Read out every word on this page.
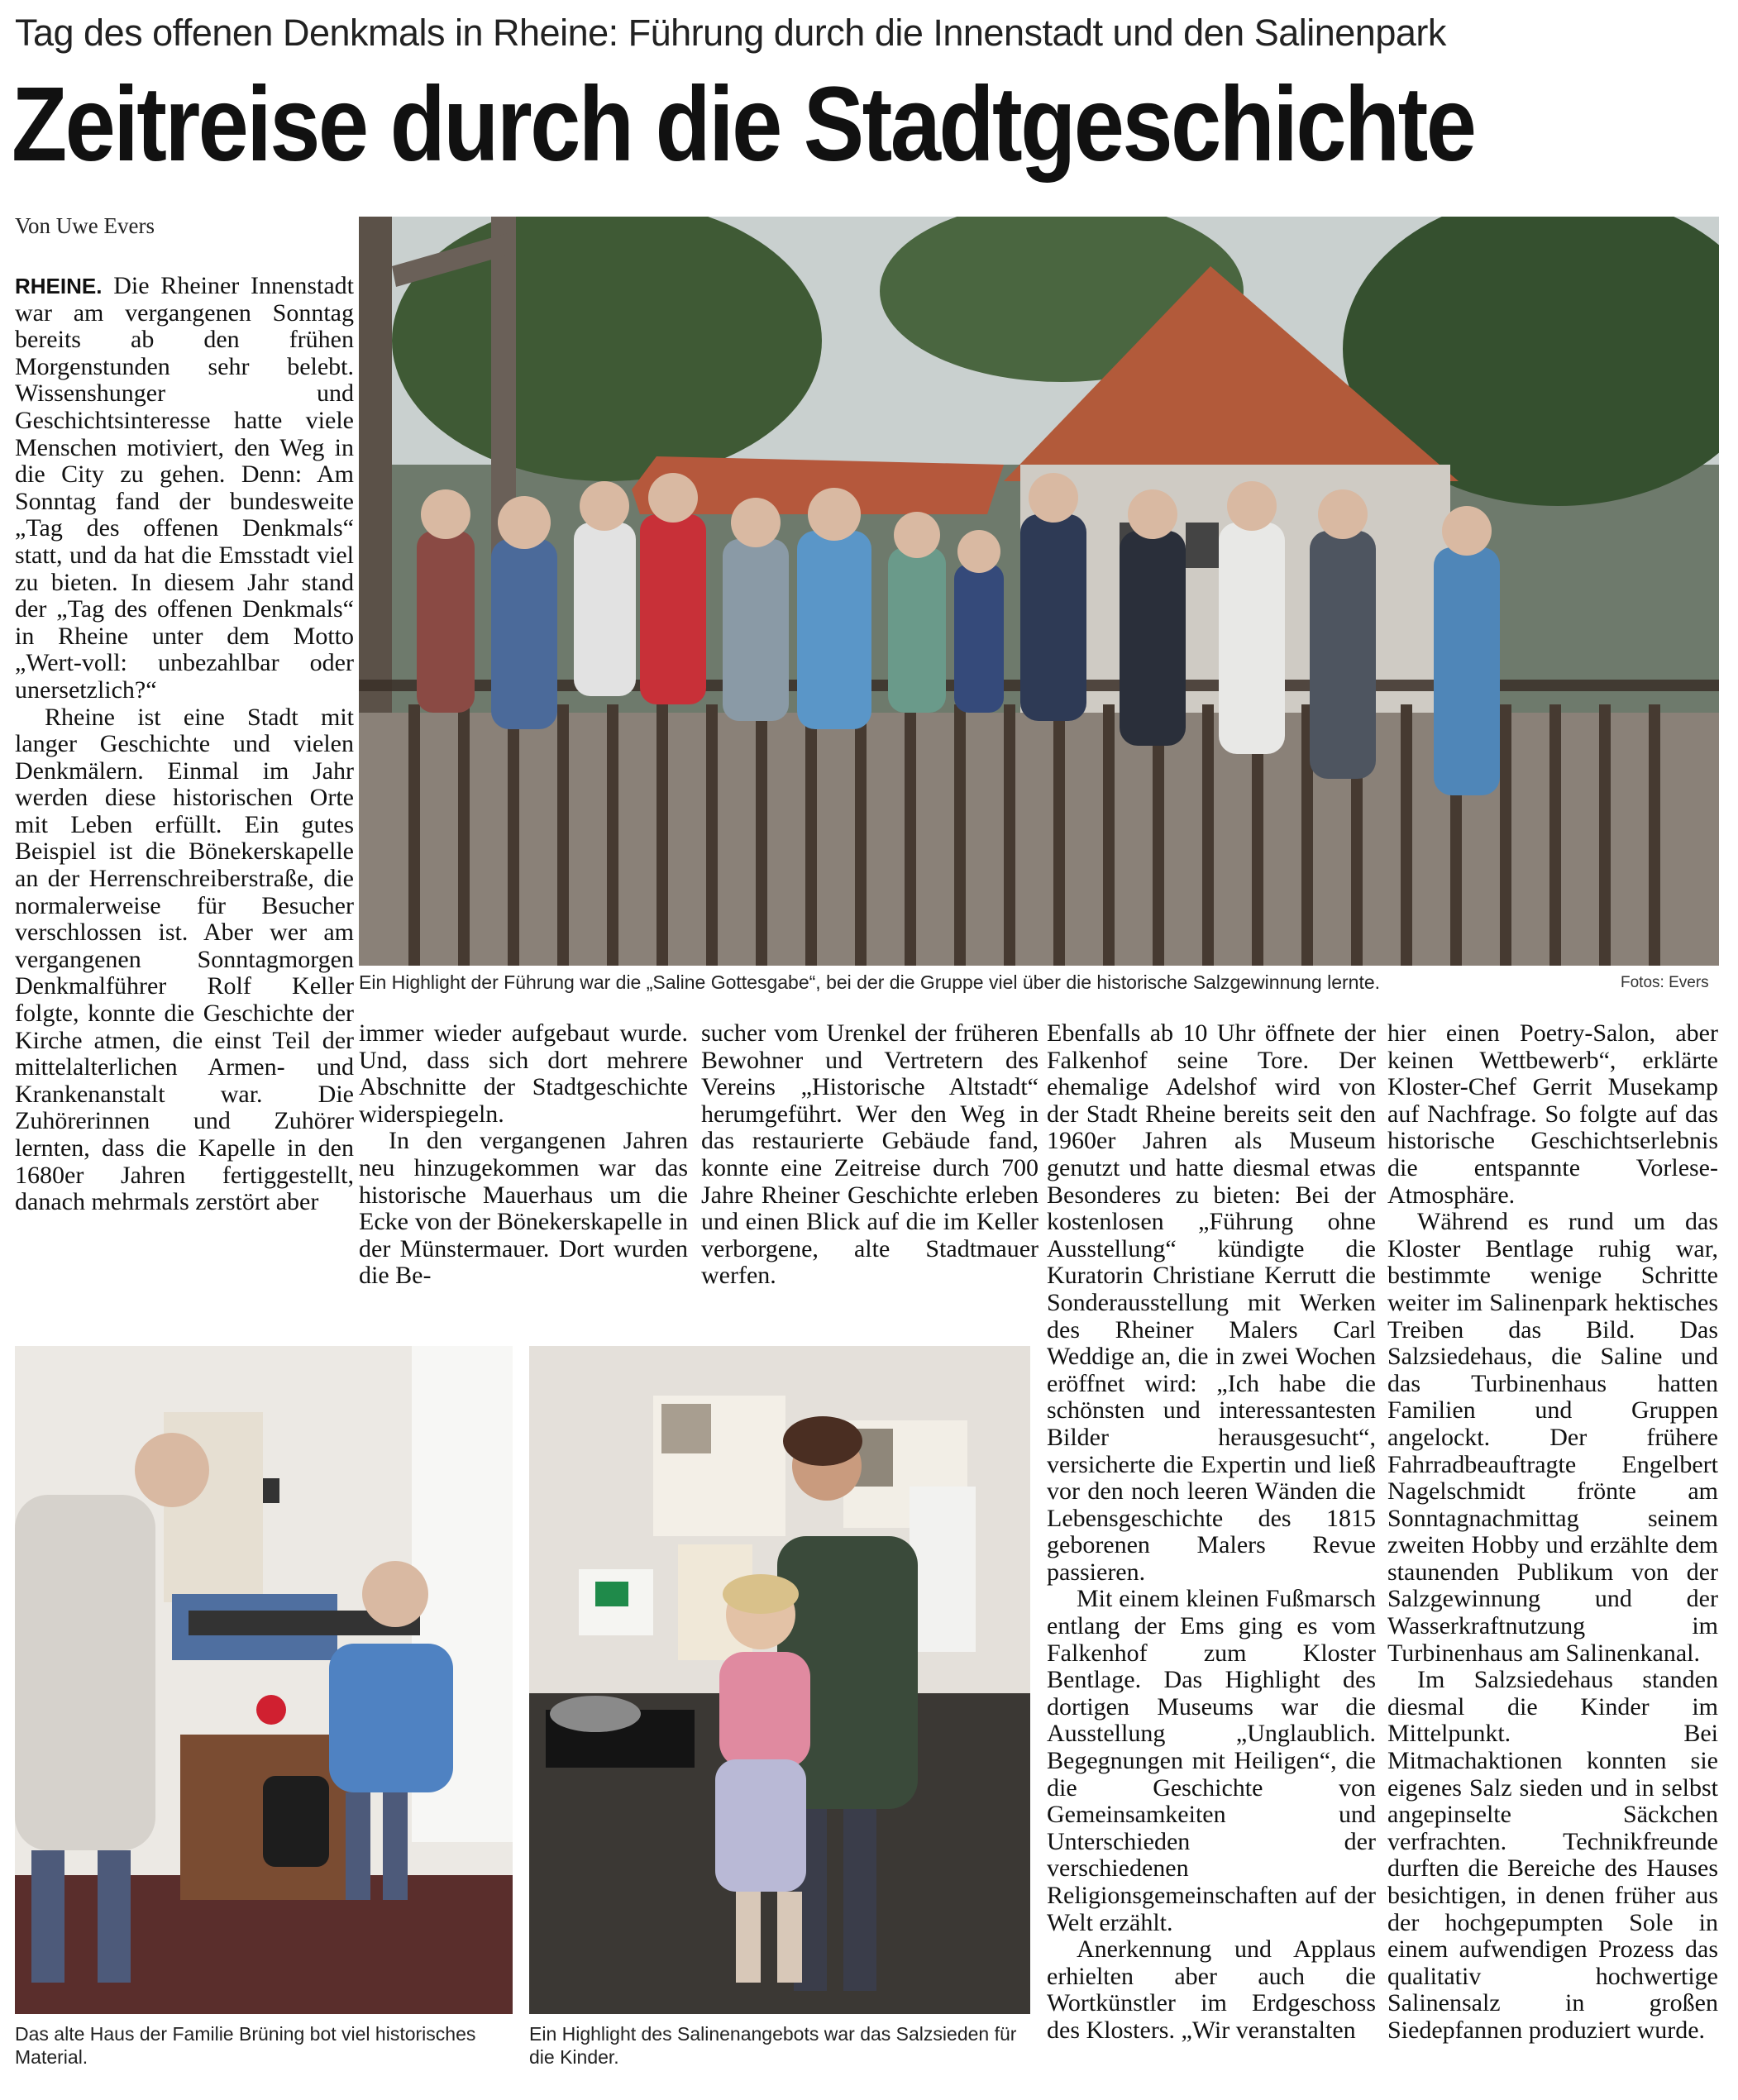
Tag des offenen Denkmals in Rheine: Führung durch die Innenstadt und den Salinenpark
Zeitreise durch die Stadtgeschichte
Von Uwe Evers

RHEINE. Die Rheiner Innenstadt war am vergangenen Sonntag bereits ab den frühen Morgenstunden sehr belebt. Wissenshunger und Geschichtsinteresse hatte viele Menschen motiviert, den Weg in die City zu gehen. Denn: Am Sonntag fand der bundesweite „Tag des offenen Denkmals“ statt, und da hat die Emsstadt viel zu bieten. In diesem Jahr stand der „Tag des offenen Denkmals“ in Rheine unter dem Motto „Wert-voll: unbezahlbar oder unersetzlich?“

Rheine ist eine Stadt mit langer Geschichte und vielen Denkmälern. Einmal im Jahr werden diese historischen Orte mit Leben erfüllt. Ein gutes Beispiel ist die Bönekerskapelle an der Herrenschreiberstraße, die normalerweise für Besucher verschlossen ist. Aber wer am vergangenen Sonntagmorgen Denkmalführer Rolf Keller folgte, konnte die Geschichte der Kirche atmen, die einst Teil der mittelalterlichen Armen- und Krankenanstalt war. Die Zuhörerinnen und Zuhörer lernten, dass die Kapelle in den 1680er Jahren fertiggestellt, danach mehrmals zerstört aber

Ein Highlight der Führung war die „Saline Gottesgabe“, bei der die Gruppe viel über die historische Salzgewinnung lernte.	Fotos: Evers

immer wieder aufgebaut wurde. Und, dass sich dort mehrere Abschnitte der Stadtgeschichte widerspiegeln.

In den vergangenen Jahren neu hinzugekommen war das historische Mauerhaus um die Ecke von der Bönekerskapelle in der Münstermauer. Dort wurden die Be-

sucher vom Urenkel der früheren Bewohner und Vertretern des Vereins „Historische Altstadt“ herumgeführt. Wer den Weg in das restaurierte Gebäude fand, konnte eine Zeitreise durch 700 Jahre Rheiner Geschichte erleben und einen Blick auf die im Keller verborgene, alte Stadtmauer werfen.

Ebenfalls ab 10 Uhr öffnete der Falkenhof seine Tore. Der ehemalige Adelshof wird von der Stadt Rheine bereits seit den 1960er Jahren als Museum genutzt und hatte diesmal etwas Besonderes zu bieten: Bei der kostenlosen „Führung ohne Ausstellung“ kündigte die Kuratorin Christiane Kerrutt die Sonderausstellung mit Werken des Rheiner Malers Carl Weddige an, die in zwei Wochen eröffnet wird: „Ich habe die schönsten und interessantesten Bilder herausgesucht“, versicherte die Expertin und ließ vor den noch leeren Wänden die Lebensgeschichte des 1815 geborenen Malers Revue passieren.

Mit einem kleinen Fußmarsch entlang der Ems ging es vom Falkenhof zum Kloster Bentlage. Das Highlight des dortigen Museums war die Ausstellung „Unglaublich. Begegnungen mit Heiligen“, die die Geschichte von Gemeinsamkeiten und Unterschieden der verschiedenen Religionsgemeinschaften auf der Welt erzählt.

Anerkennung und Applaus erhielten aber auch die Wortkünstler im Erdgeschoss des Klosters. „Wir veranstalten

hier einen Poetry-Salon, aber keinen Wettbewerb“, erklärte Kloster-Chef Gerrit Musekamp auf Nachfrage. So folgte auf das historische Geschichtserlebnis die entspannte Vorlese-Atmosphäre.

Während es rund um das Kloster Bentlage ruhig war, bestimmte wenige Schritte weiter im Salinenpark hektisches Treiben das Bild. Das Salzsiedehaus, die Saline und das Turbinenhaus hatten Familien und Gruppen angelockt. Der frühere Fahrradbeauftragte Engelbert Nagelschmidt frönte am Sonntagnachmittag seinem zweiten Hobby und erzählte dem staunenden Publikum von der Salzgewinnung und der Wasserkraftnutzung im Turbinenhaus am Salinenkanal.

Im Salzsiedehaus standen diesmal die Kinder im Mittelpunkt. Bei Mitmachaktionen konnten sie eigenes Salz sieden und in selbst angepinselte Säckchen verfrachten. Technikfreunde durften die Bereiche des Hauses besichtigen, in denen früher aus der hochgepumpten Sole in einem aufwendigen Prozess das qualitativ hochwertige Salinensalz in großen Siedepfannen produziert wurde.

Das alte Haus der Familie Brüning bot viel historisches Material.
Ein Highlight des Salinenangebots war das Salzsieden für die Kinder.
